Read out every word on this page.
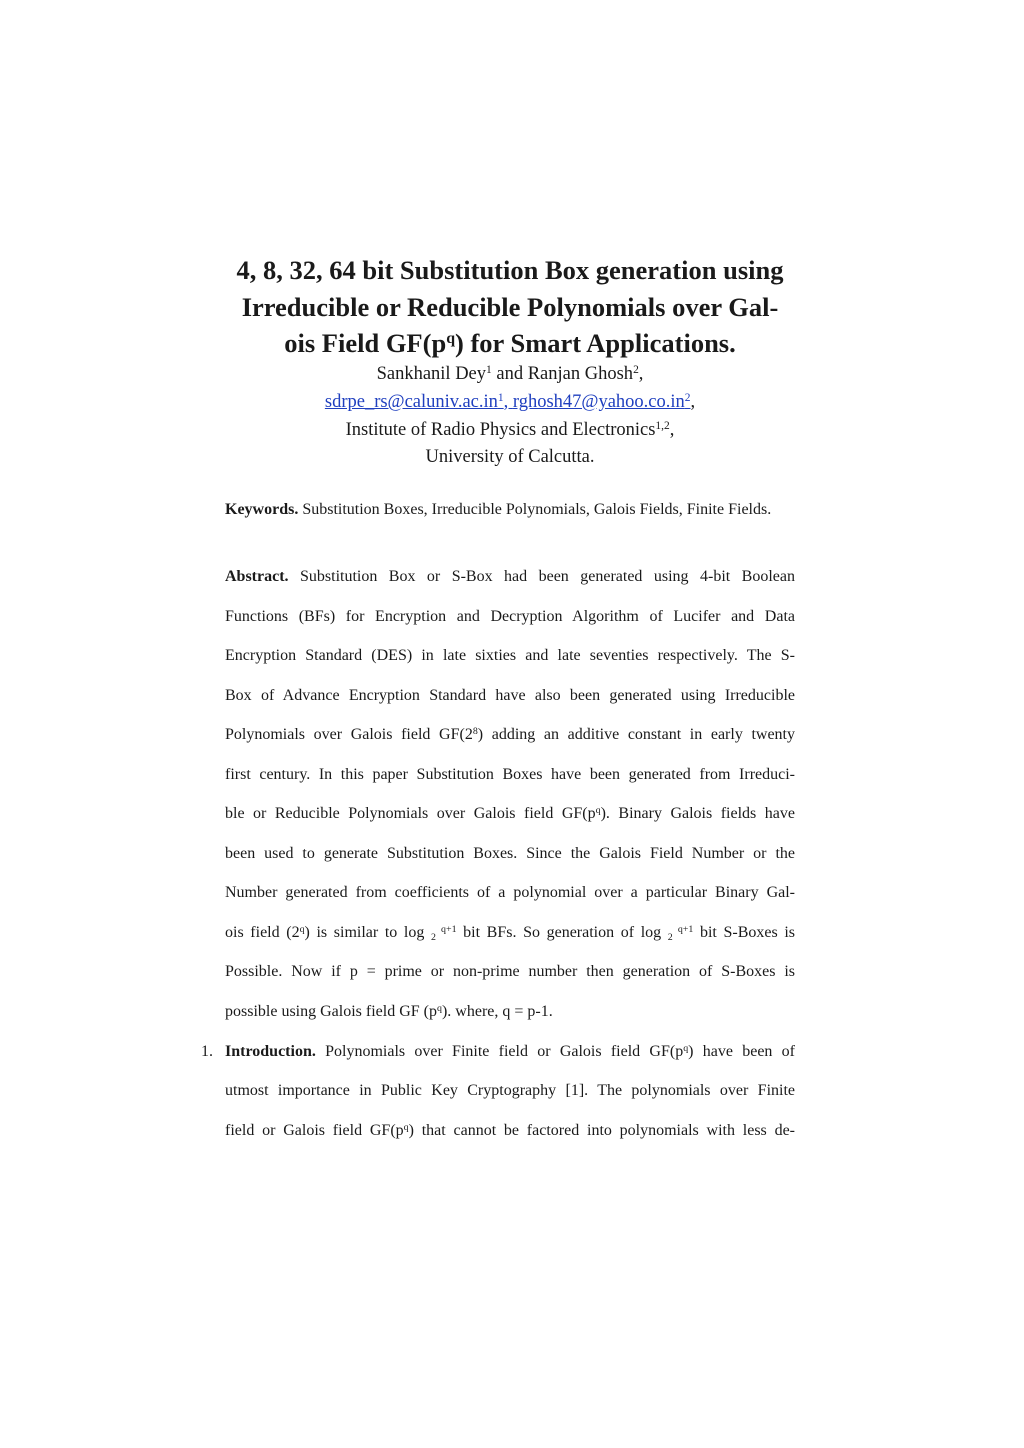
4, 8, 32, 64 bit Substitution Box generation using
Irreducible or Reducible Polynomials over Gal-
ois Field $GF(p^q)$ for Smart Applications.
Sankhanil Dey$^1$ and Ranjan Ghosh$^2$,
$sdrpe\_rs@caluniv.ac.in^1$, $rghosh47@yahoo.co.in^2$,
Institute of Radio Physics and Electronics$^{1,2}$,
University of Calcutta.
Keywords. Substitution Boxes, Irreducible Polynomials, Galois Fields, Finite Fields.
Abstract. Substitution Box or S-Box had been generated using 4-bit Boolean
Functions (BFs) for Encryption and Decryption Algorithm of Lucifer and Data
Encryption Standard (DES) in late sixties and late seventies respectively. The S-
Box of Advance Encryption Standard have also been generated using Irreducible
Polynomials over Galois field $GF(2^8)$ adding an additive constant in early twenty
first century. In this paper Substitution Boxes have been generated from Irreduci-
ble or Reducible Polynomials over Galois field $GF(p^q)$. Binary Galois fields have
been used to generate Substitution Boxes. Since the Galois Field Number or the
Number generated from coefficients of a polynomial over a particular Binary Gal-
ois field (2$^q$) is similar to log $_2$ $^{q+1}$ bit BFs. So generation of log $_2$ $^{q+1}$ bit S-Boxes is
Possible. Now if p = prime or non-prime number then generation of S-Boxes is
possible using Galois field GF $(p^q)$. where, q = p-1.
1. Introduction. Polynomials over Finite field or Galois field $GF(p^q)$ have been of
utmost importance in Public Key Cryptography [1]. The polynomials over Finite
field or Galois field $GF(p^q)$ that cannot be factored into polynomials with less de-
